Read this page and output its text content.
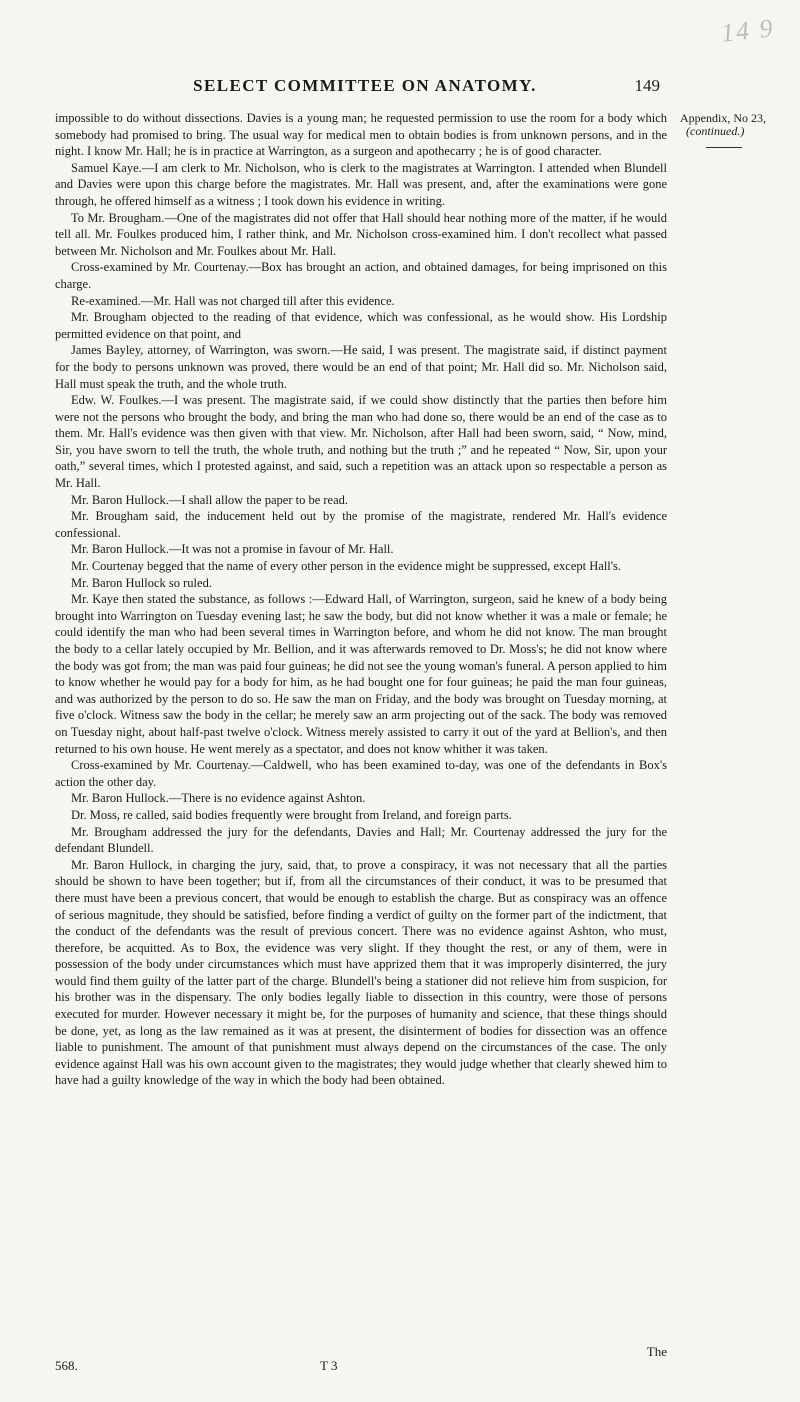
14 9
SELECT COMMITTEE ON ANATOMY.	149
Appendix, No 23,
(continued.)

impossible to do without dissections. Davies is a young man; he requested permission to use the room for a body which somebody had promised to bring. The usual way for medical men to obtain bodies is from unknown persons, and in the night. I know Mr. Hall; he is in practice at Warrington, as a surgeon and apothecarry ; he is of good character.

Samuel Kaye.—I am clerk to Mr. Nicholson, who is clerk to the magistrates at Warrington. I attended when Blundell and Davies were upon this charge before the magistrates. Mr. Hall was present, and, after the examinations were gone through, he offered himself as a witness ; I took down his evidence in writing.

To Mr. Brougham.—One of the magistrates did not offer that Hall should hear nothing more of the matter, if he would tell all. Mr. Foulkes produced him, I rather think, and Mr. Nicholson cross-examined him. I don't recollect what passed between Mr. Nicholson and Mr. Foulkes about Mr. Hall.

Cross-examined by Mr. Courtenay.—Box has brought an action, and obtained damages, for being imprisoned on this charge.

Re-examined.—Mr. Hall was not charged till after this evidence.

Mr. Brougham objected to the reading of that evidence, which was confessional, as he would show. His Lordship permitted evidence on that point, and

James Bayley, attorney, of Warrington, was sworn.—He said, I was present. The magistrate said, if distinct payment for the body to persons unknown was proved, there would be an end of that point; Mr. Hall did so. Mr. Nicholson said, Hall must speak the truth, and the whole truth.

Edw. W. Foulkes.—I was present. The magistrate said, if we could show distinctly that the parties then before him were not the persons who brought the body, and bring the man who had done so, there would be an end of the case as to them. Mr. Hall's evidence was then given with that view. Mr. Nicholson, after Hall had been sworn, said, “ Now, mind, Sir, you have sworn to tell the truth, the whole truth, and nothing but the truth ;” and he repeated “ Now, Sir, upon your oath,” several times, which I protested against, and said, such a repetition was an attack upon so respectable a person as Mr. Hall.

Mr. Baron Hullock.—I shall allow the paper to be read.

Mr. Brougham said, the inducement held out by the promise of the magistrate, rendered Mr. Hall's evidence confessional.

Mr. Baron Hullock.—It was not a promise in favour of Mr. Hall.

Mr. Courtenay begged that the name of every other person in the evidence might be suppressed, except Hall's.

Mr. Baron Hullock so ruled.

Mr. Kaye then stated the substance, as follows :—Edward Hall, of Warrington, surgeon, said he knew of a body being brought into Warrington on Tuesday evening last; he saw the body, but did not know whether it was a male or female; he could identify the man who had been several times in Warrington before, and whom he did not know. The man brought the body to a cellar lately occupied by Mr. Bellion, and it was afterwards removed to Dr. Moss's; he did not know where the body was got from; the man was paid four guineas; he did not see the young woman's funeral. A person applied to him to know whether he would pay for a body for him, as he had bought one for four guineas; he paid the man four guineas, and was authorized by the person to do so. He saw the man on Friday, and the body was brought on Tuesday morning, at five o'clock. Witness saw the body in the cellar; he merely saw an arm projecting out of the sack. The body was removed on Tuesday night, about half-past twelve o'clock. Witness merely assisted to carry it out of the yard at Bellion's, and then returned to his own house. He went merely as a spectator, and does not know whither it was taken.

Cross-examined by Mr. Courtenay.—Caldwell, who has been examined to-day, was one of the defendants in Box's action the other day.

Mr. Baron Hullock.—There is no evidence against Ashton.

Dr. Moss, re called, said bodies frequently were brought from Ireland, and foreign parts.

Mr. Brougham addressed the jury for the defendants, Davies and Hall; Mr. Courtenay addressed the jury for the defendant Blundell.

Mr. Baron Hullock, in charging the jury, said, that, to prove a conspiracy, it was not necessary that all the parties should be shown to have been together; but if, from all the circumstances of their conduct, it was to be presumed that there must have been a previous concert, that would be enough to establish the charge. But as conspiracy was an offence of serious magnitude, they should be satisfied, before finding a verdict of guilty on the former part of the indictment, that the conduct of the defendants was the result of previous concert. There was no evidence against Ashton, who must, therefore, be acquitted. As to Box, the evidence was very slight. If they thought the rest, or any of them, were in possession of the body under circumstances which must have apprized them that it was improperly disinterred, the jury would find them guilty of the latter part of the charge. Blundell's being a stationer did not relieve him from suspicion, for his brother was in the dispensary. The only bodies legally liable to dissection in this country, were those of persons executed for murder. However necessary it might be, for the purposes of humanity and science, that these things should be done, yet, as long as the law remained as it was at present, the disinterment of bodies for dissection was an offence liable to punishment. The amount of that punishment must always depend on the circumstances of the case. The only evidence against Hall was his own account given to the magistrates; they would judge whether that clearly shewed him to have had a guilty knowledge of the way in which the body had been obtained.

568.	T 3
The
